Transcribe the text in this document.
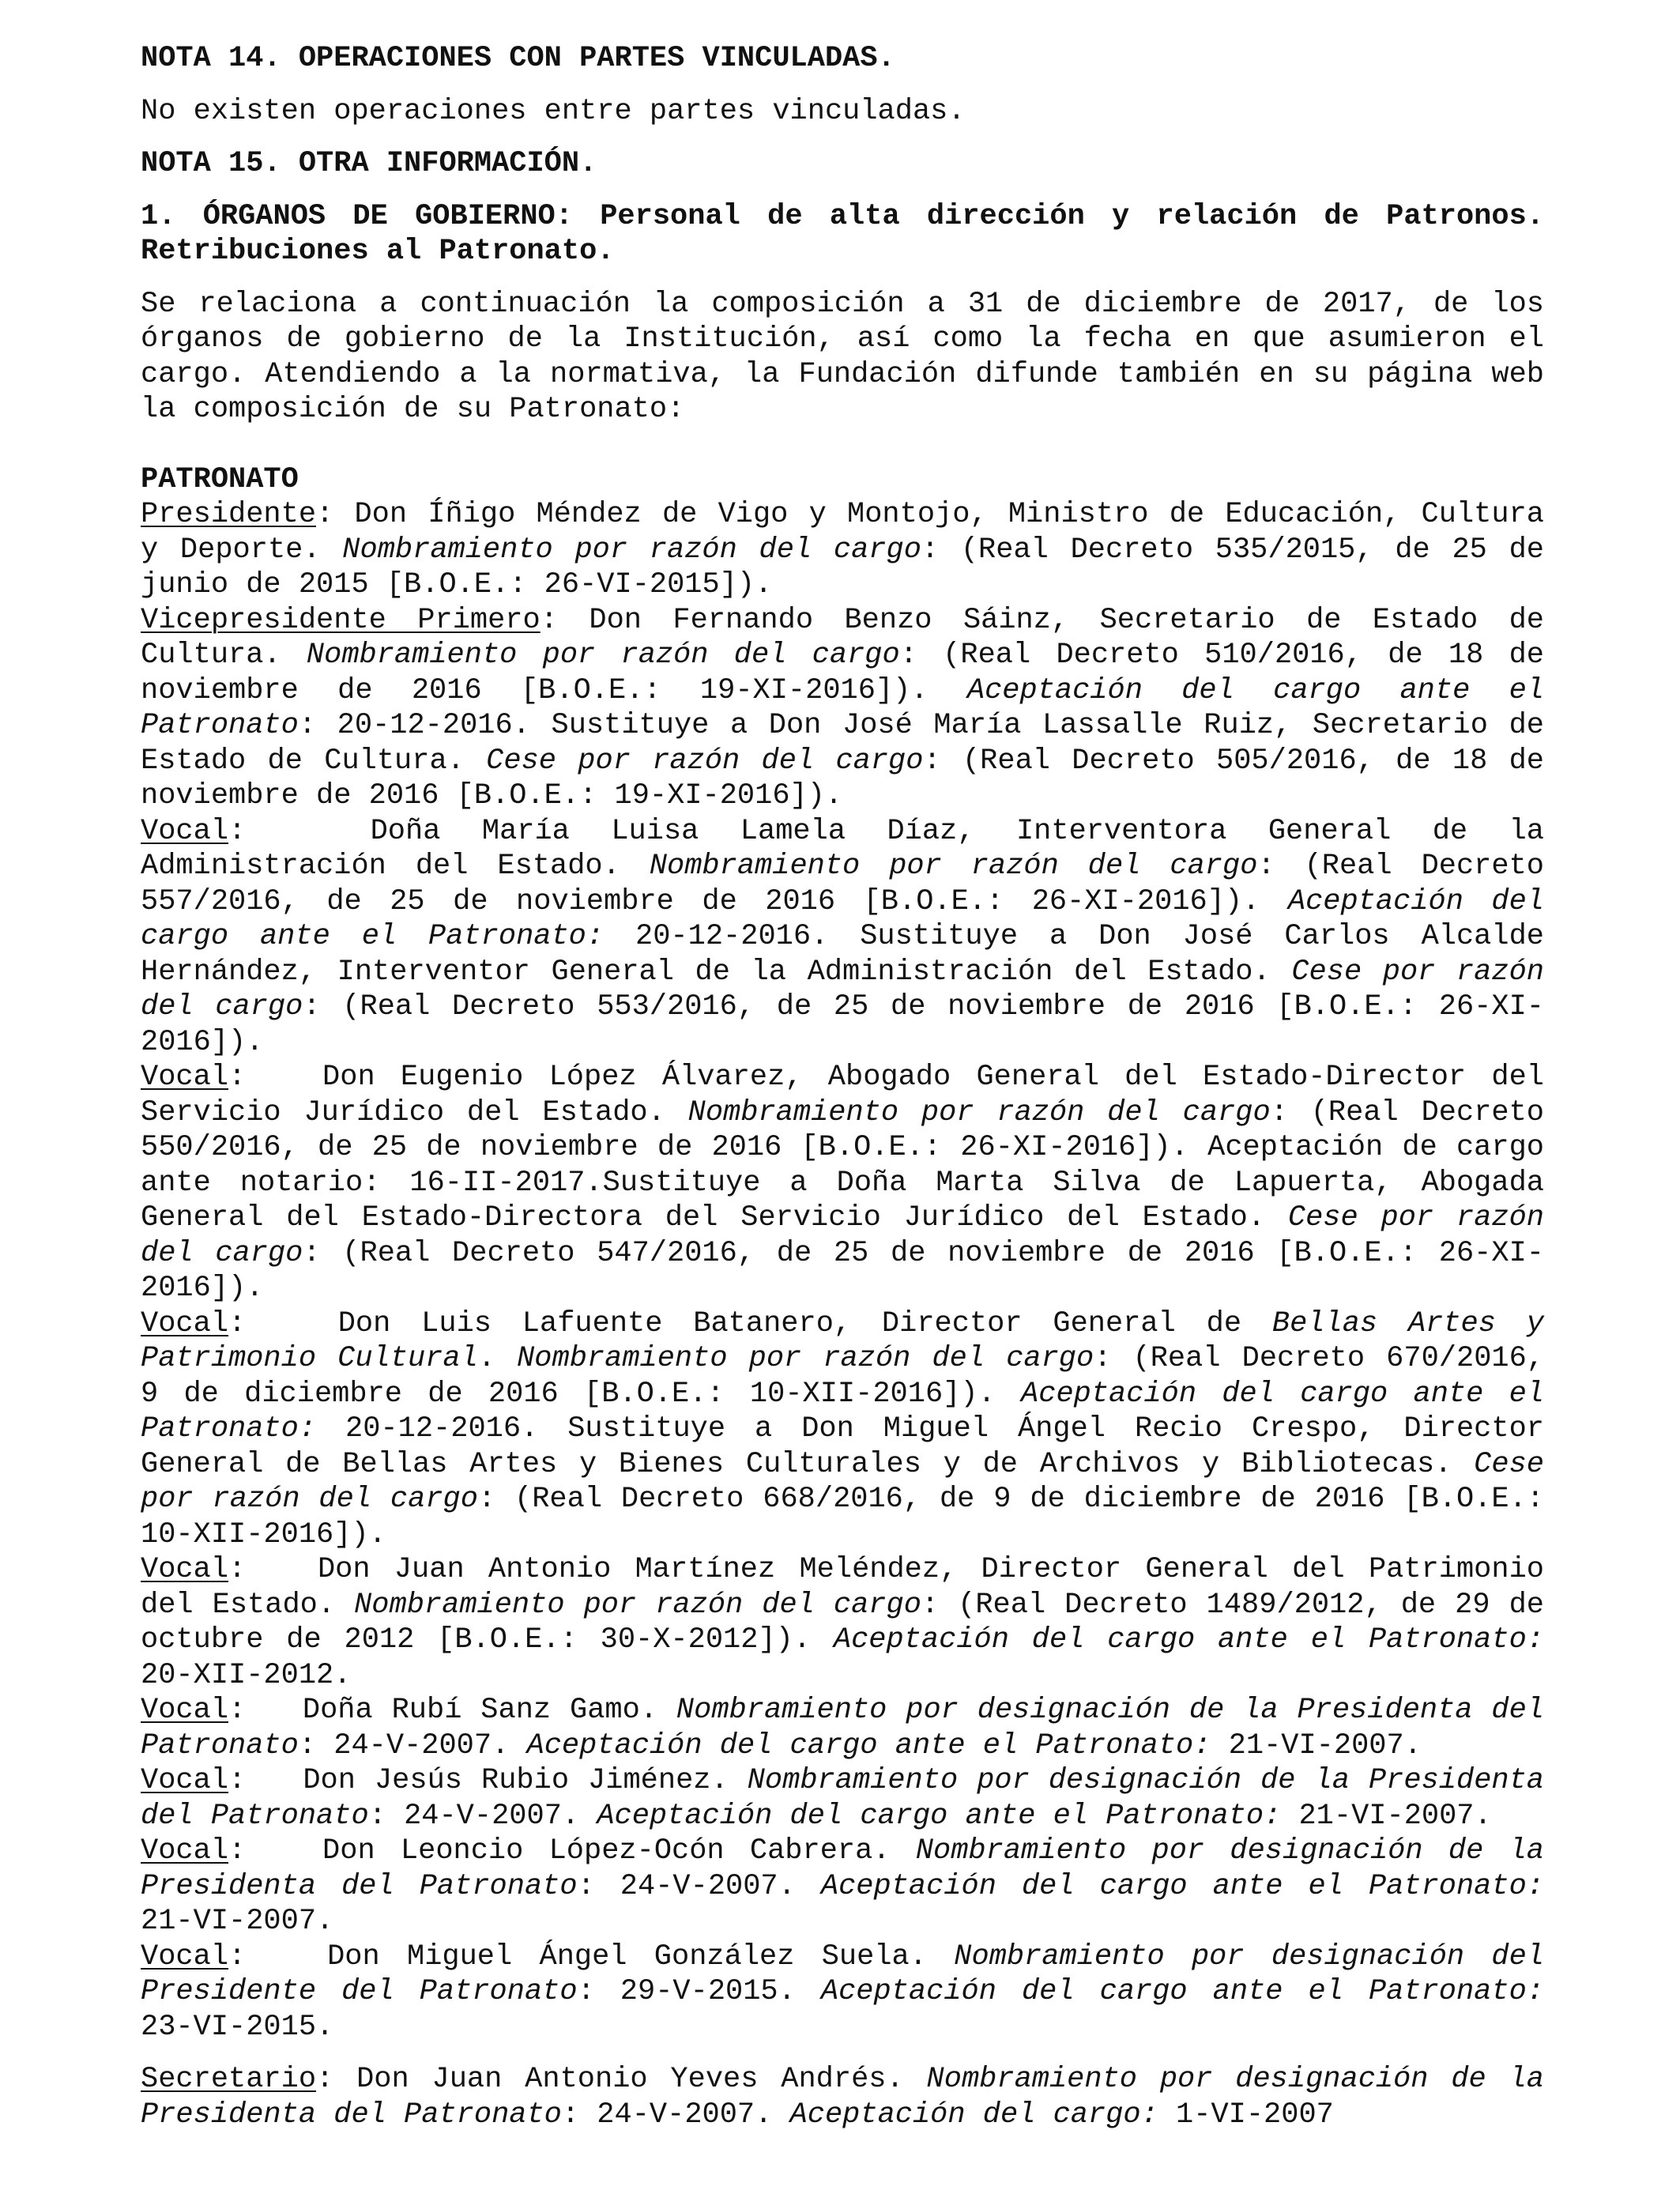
NOTA 14. OPERACIONES CON PARTES VINCULADAS.

No existen operaciones entre partes vinculadas.

NOTA 15. OTRA INFORMACIÓN.

1. ÓRGANOS DE GOBIERNO: Personal de alta dirección y relación de Patronos. Retribuciones al Patronato.

Se relaciona a continuación la composición a 31 de diciembre de 2017, de los órganos de gobierno de la Institución, así como la fecha en que asumieron el cargo. Atendiendo a la normativa, la Fundación difunde también en su página web la composición de su Patronato:

PATRONATO

Presidente: Don Íñigo Méndez de Vigo y Montojo, Ministro de Educación, Cultura y Deporte. Nombramiento por razón del cargo: (Real Decreto 535/2015, de 25 de junio de 2015 [B.O.E.: 26-VI-2015]).

Vicepresidente Primero: Don Fernando Benzo Sáinz, Secretario de Estado de Cultura. Nombramiento por razón del cargo: (Real Decreto 510/2016, de 18 de noviembre de 2016 [B.O.E.: 19-XI-2016]). Aceptación del cargo ante el Patronato: 20-12-2016. Sustituye a Don José María Lassalle Ruiz, Secretario de Estado de Cultura. Cese por razón del cargo: (Real Decreto 505/2016, de 18 de noviembre de 2016 [B.O.E.: 19-XI-2016]).

Vocal:   Doña María Luisa Lamela Díaz, Interventora General de la Administración del Estado. Nombramiento por razón del cargo: (Real Decreto 557/2016, de 25 de noviembre de 2016 [B.O.E.: 26-XI-2016]). Aceptación del cargo ante el Patronato: 20-12-2016. Sustituye a Don José Carlos Alcalde Hernández, Interventor General de la Administración del Estado. Cese por razón del cargo: (Real Decreto 553/2016, de 25 de noviembre de 2016 [B.O.E.: 26-XI-2016]).

Vocal:   Don Eugenio López Álvarez, Abogado General del Estado-Director del Servicio Jurídico del Estado. Nombramiento por razón del cargo: (Real Decreto 550/2016, de 25 de noviembre de 2016 [B.O.E.: 26-XI-2016]). Aceptación de cargo ante notario: 16-II-2017.Sustituye a Doña Marta Silva de Lapuerta, Abogada General del Estado-Directora del Servicio Jurídico del Estado. Cese por razón del cargo: (Real Decreto 547/2016, de 25 de noviembre de 2016 [B.O.E.: 26-XI-2016]).

Vocal:   Don Luis Lafuente Batanero, Director General de Bellas Artes y Patrimonio Cultural. Nombramiento por razón del cargo: (Real Decreto 670/2016, 9 de diciembre de 2016 [B.O.E.: 10-XII-2016]). Aceptación del cargo ante el Patronato: 20-12-2016. Sustituye a Don Miguel Ángel Recio Crespo, Director General de Bellas Artes y Bienes Culturales y de Archivos y Bibliotecas. Cese por razón del cargo: (Real Decreto 668/2016, de 9 de diciembre de 2016 [B.O.E.: 10-XII-2016]).

Vocal:   Don Juan Antonio Martínez Meléndez, Director General del Patrimonio del Estado. Nombramiento por razón del cargo: (Real Decreto 1489/2012, de 29 de octubre de 2012 [B.O.E.: 30-X-2012]). Aceptación del cargo ante el Patronato: 20-XII-2012.

Vocal:   Doña Rubí Sanz Gamo. Nombramiento por designación de la Presidenta del Patronato: 24-V-2007. Aceptación del cargo ante el Patronato: 21-VI-2007.

Vocal:   Don Jesús Rubio Jiménez. Nombramiento por designación de la Presidenta del Patronato: 24-V-2007. Aceptación del cargo ante el Patronato: 21-VI-2007.

Vocal:   Don Leoncio López-Ocón Cabrera. Nombramiento por designación de la Presidenta del Patronato: 24-V-2007. Aceptación del cargo ante el Patronato: 21-VI-2007.

Vocal:   Don Miguel Ángel González Suela. Nombramiento por designación del Presidente del Patronato: 29-V-2015. Aceptación del cargo ante el Patronato: 23-VI-2015.

Secretario: Don Juan Antonio Yeves Andrés. Nombramiento por designación de la Presidenta del Patronato: 24-V-2007. Aceptación del cargo: 1-VI-2007
